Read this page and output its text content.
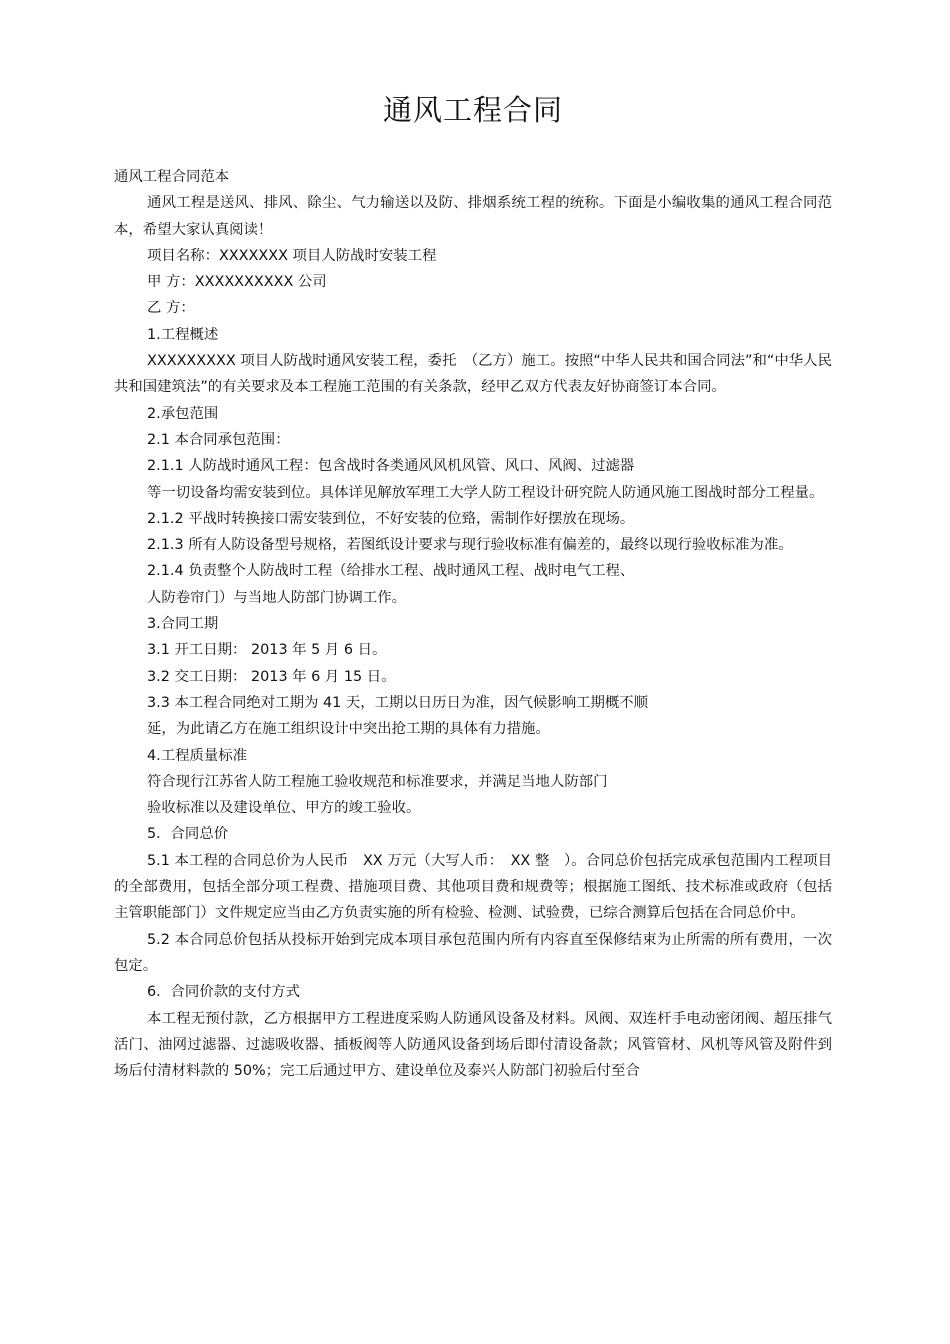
通风工程合同

通风工程合同范本

通风工程是送风、排风、除尘、气力输送以及防、排烟系统工程的统称。下面是小编收集的通风工程合同范本，希望大家认真阅读！

项目名称：XXXXXXX 项目人防战时安装工程

甲 方：XXXXXXXXXX 公司

乙 方：

1.工程概述

XXXXXXXXX 项目人防战时通风安装工程，委托　（乙方）施工。按照“中华人民共和国合同法”和“中华人民共和国建筑法”的有关要求及本工程施工范围的有关条款，经甲乙双方代表友好协商签订本合同。

2.承包范围

2.1 本合同承包范围：

2.1.1 人防战时通风工程：包含战时各类通风风机风管、风口、风阀、过滤器

等一切设备均需安装到位。具体详见解放军理工大学人防工程设计研究院人防通风施工图战时部分工程量。

2.1.2 平战时转换接口需安装到位，不好安装的位臵，需制作好摆放在现场。

2.1.3 所有人防设备型号规格，若图纸设计要求与现行验收标准有偏差的，最终以现行验收标准为准。

2.1.4 负责整个人防战时工程（给排水工程、战时通风工程、战时电气工程、

人防卷帘门）与当地人防部门协调工作。

3.合同工期

3.1 开工日期： 2013 年 5 月 6 日。

3.2 交工日期： 2013 年 6 月 15 日。

3.3 本工程合同绝对工期为 41 天，工期以日历日为准，因气候影响工期概不顺

延，为此请乙方在施工组织设计中突出抢工期的具体有力措施。

4.工程质量标准

符合现行江苏省人防工程施工验收规范和标准要求，并满足当地人防部门

验收标准以及建设单位、甲方的竣工验收。

5．合同总价

5.1 本工程的合同总价为人民币　XX 万元（大写人币：　XX 整　）。合同总价包括完成承包范围内工程项目的全部费用，包括全部分项工程费、措施项目费、其他项目费和规费等；根据施工图纸、技术标准或政府（包括主管职能部门）文件规定应当由乙方负责实施的所有检验、检测、试验费，已综合测算后包括在合同总价中。

5.2 本合同总价包括从投标开始到完成本项目承包范围内所有内容直至保修结束为止所需的所有费用，一次包定。

6．合同价款的支付方式

本工程无预付款，乙方根据甲方工程进度采购人防通风设备及材料。风阀、双连杆手电动密闭阀、超压排气活门、油网过滤器、过滤吸收器、插板阀等人防通风设备到场后即付清设备款；风管管材、风机等风管及附件到场后付清材料款的 50%；完工后通过甲方、建设单位及泰兴人防部门初验后付至合
